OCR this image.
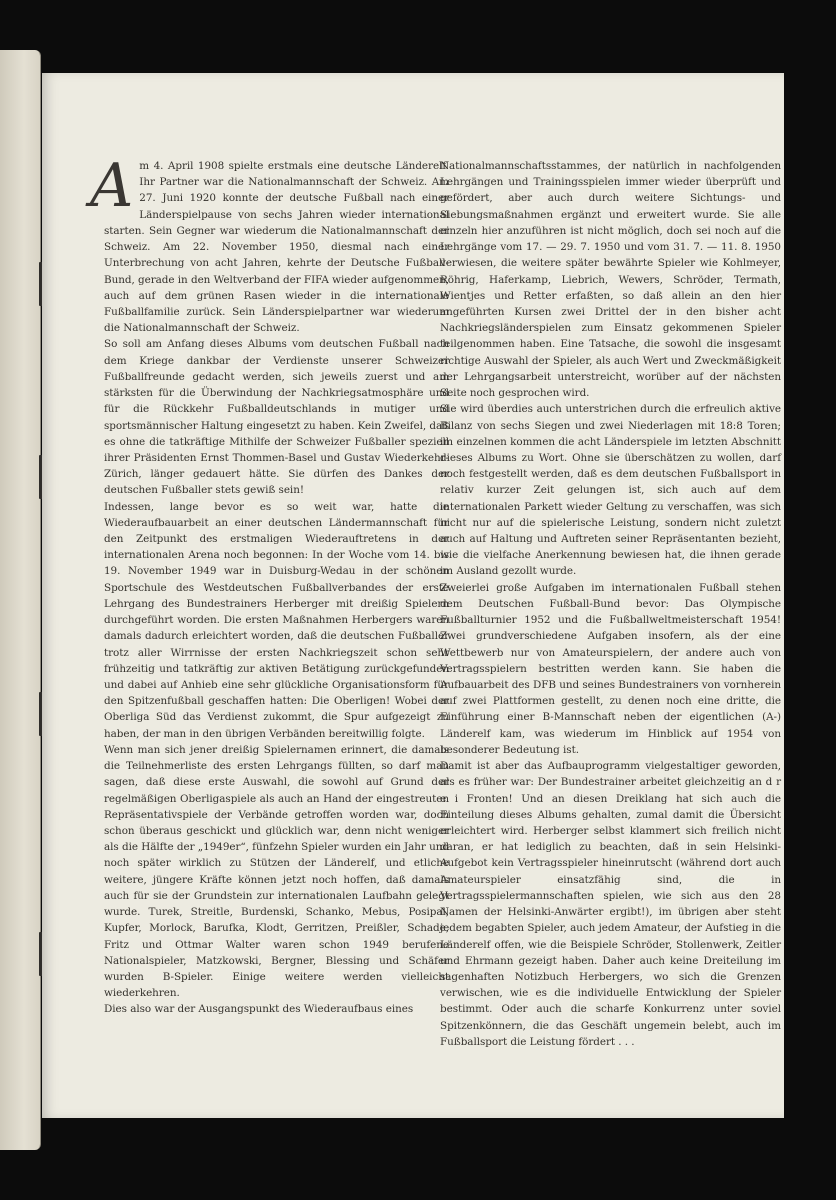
A m 4. April 1908 spielte erstmals eine deutsche Länderelf. Ihr Partner war die Nationalmannschaft der Schweiz. Am 27. Juni 1920 konnte der deutsche Fußball nach einer Länderspielpause von sechs Jahren wieder international starten. Sein Gegner war wiederum die Nationalmannschaft der Schweiz. Am 22. November 1950, diesmal nach einer Unterbrechung von acht Jahren, kehrte der Deutsche Fußball-Bund, gerade in den Weltverband der FIFA wieder aufgenommen, auch auf dem grünen Rasen wieder in die internationale Fußballfamilie zurück. Sein Länderspielpartner war wiederum die Nationalmannschaft der Schweiz.

So soll am Anfang dieses Albums vom deutschen Fußball nach dem Kriege dankbar der Verdienste unserer Schweizer Fußballfreunde gedacht werden, sich jeweils zuerst und am stärksten für die Überwindung der Nachkriegsatmosphäre und für die Rückkehr Fußballdeutschlands in mutiger und sportsmännischer Haltung eingesetzt zu haben. Kein Zweifel, daß es ohne die tatkräftige Mithilfe der Schweizer Fußballer speziell ihrer Präsidenten Ernst Thommen-Basel und Gustav Wiederkehr-Zürich, länger gedauert hätte. Sie dürfen des Dankes der deutschen Fußballer stets gewiß sein!

Indessen, lange bevor es so weit war, hatte die Wiederaufbauarbeit an einer deutschen Ländermannschaft für den Zeitpunkt des erstmaligen Wiederauftretens in der internationalen Arena noch begonnen: In der Woche vom 14. bis 19. November 1949 war in Duisburg-Wedau in der schönen Sportschule des Westdeutschen Fußballverbandes der erste Lehrgang des Bundestrainers Herberger mit dreißig Spielern durchgeführt worden. Die ersten Maßnahmen Herbergers waren damals dadurch erleichtert worden, daß die deutschen Fußballer trotz aller Wirrnisse der ersten Nachkriegszeit schon sehr frühzeitig und tatkräftig zur aktiven Betätigung zurückgefunden und dabei auf Anhieb eine sehr glückliche Organisationsform für den Spitzenfußball geschaffen hatten: Die Oberligen! Wobei der Oberliga Süd das Verdienst zukommt, die Spur aufgezeigt zu haben, der man in den übrigen Verbänden bereitwillig folgte.

Wenn man sich jener dreißig Spielernamen erinnert, die damals die Teilnehmerliste des ersten Lehrgangs füllten, so darf man sagen, daß diese erste Auswahl, die sowohl auf Grund der regelmäßigen Oberligaspiele als auch an Hand der eingestreuten Repräsentativspiele der Verbände getroffen worden war, doch schon überaus geschickt und glücklich war, denn nicht weniger als die Hälfte der „1949er“, fünfzehn Spieler wurden ein Jahr und noch später wirklich zu Stützen der Länderelf, und etliche weitere, jüngere Kräfte können jetzt noch hoffen, daß damals auch für sie der Grundstein zur internationalen Laufbahn gelegt wurde. Turek, Streitle, Burdenski, Schanko, Mebus, Posipal, Kupfer, Morlock, Barufka, Klodt, Gerritzen, Preißler, Schade, Fritz und Ottmar Walter waren schon 1949 berufene Nationalspieler, Matzkowski, Bergner, Blessing und Schäfer wurden B-Spieler. Einige weitere werden vielleicht wiederkehren.

Dies also war der Ausgangspunkt des Wiederaufbaus eines

Nationalmannschaftsstammes, der natürlich in nachfolgenden Lehrgängen und Trainingsspielen immer wieder überprüft und gefördert, aber auch durch weitere Sichtungs- und Siebungsmaßnahmen ergänzt und erweitert wurde. Sie alle einzeln hier anzuführen ist nicht möglich, doch sei noch auf die Lehrgänge vom 17. — 29. 7. 1950 und vom 31. 7. — 11. 8. 1950 verwiesen, die weitere später bewährte Spieler wie Kohlmeyer, Röhrig, Haferkamp, Liebrich, Wewers, Schröder, Termath, Wientjes und Retter erfaßten, so daß allein an den hier angeführten Kursen zwei Drittel der in den bisher acht Nachkriegsländerspielen zum Einsatz gekommenen Spieler teilgenommen haben. Eine Tatsache, die sowohl die insgesamt richtige Auswahl der Spieler, als auch Wert und Zweckmäßigkeit der Lehrgangsarbeit unterstreicht, worüber auf der nächsten Seite noch gesprochen wird.

Sie wird überdies auch unterstrichen durch die erfreulich aktive Bilanz von sechs Siegen und zwei Niederlagen mit 18:8 Toren; im einzelnen kommen die acht Länderspiele im letzten Abschnitt dieses Albums zu Wort. Ohne sie überschätzen zu wollen, darf noch festgestellt werden, daß es dem deutschen Fußballsport in relativ kurzer Zeit gelungen ist, sich auch auf dem internationalen Parkett wieder Geltung zu verschaffen, was sich nicht nur auf die spielerische Leistung, sondern nicht zuletzt auch auf Haltung und Auftreten seiner Repräsentanten bezieht, wie die vielfache Anerkennung bewiesen hat, die ihnen gerade im Ausland gezollt wurde.

Zweierlei große Aufgaben im internationalen Fußball stehen dem Deutschen Fußball-Bund bevor: Das Olympische Fußballturnier 1952 und die Fußballweltmeisterschaft 1954! Zwei grundverschiedene Aufgaben insofern, als der eine Wettbewerb nur von Amateurspielern, der andere auch von Vertragsspielern bestritten werden kann. Sie haben die Aufbauarbeit des DFB und seines Bundestrainers von vornherein auf zwei Plattformen gestellt, zu denen noch eine dritte, die Einführung einer B-Mannschaft neben der eigentlichen (A-) Länderelf kam, was wiederum im Hinblick auf 1954 von besonderer Bedeutung ist.

Damit ist aber das Aufbauprogramm vielgestaltiger geworden, als es früher war: Der Bundestrainer arbeitet gleichzeitig an d r e i Fronten! Und an diesen Dreiklang hat sich auch die Einteilung dieses Albums gehalten, zumal damit die Übersicht erleichtert wird. Herberger selbst klammert sich freilich nicht daran, er hat lediglich zu beachten, daß in sein Helsinki-Aufgebot kein Vertragsspieler hineinrutscht (während dort auch Amateurspieler einsatzfähig sind, die in Vertragsspielermannschaften spielen, wie sich aus den 28 Namen der Helsinki-Anwärter ergibt!), im übrigen aber steht jedem begabten Spieler, auch jedem Amateur, der Aufstieg in die Länderelf offen, wie die Beispiele Schröder, Stollenwerk, Zeitler und Ehrmann gezeigt haben. Daher auch keine Dreiteilung im sagenhaften Notizbuch Herbergers, wo sich die Grenzen verwischen, wie es die individuelle Entwicklung der Spieler bestimmt. Oder auch die scharfe Konkurrenz unter soviel Spitzenkönnern, die das Geschäft ungemein belebt, auch im Fußballsport die Leistung fördert . . .
